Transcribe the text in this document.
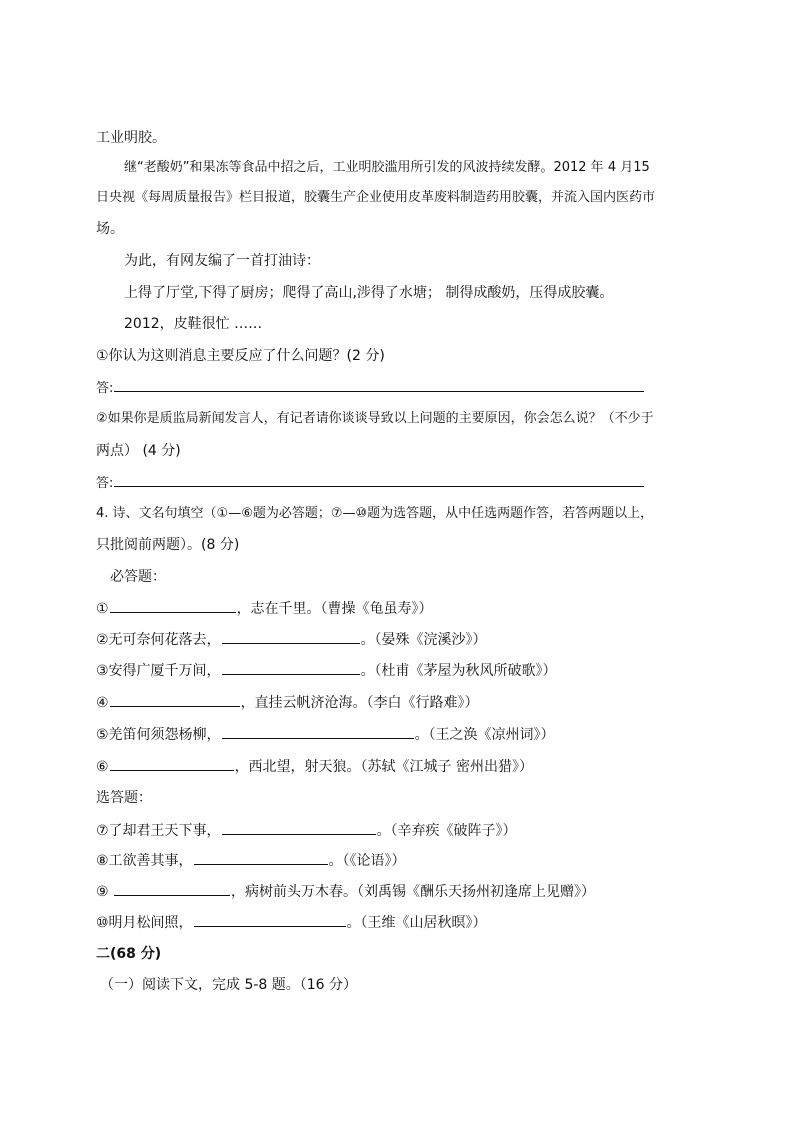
工业明胶。
继“老酸奶”和果冻等食品中招之后，工业明胶滥用所引发的风波持续发酵。2012 年 4 月15
日央视《每周质量报告》栏目报道，胶囊生产企业使用皮革废料制造药用胶囊，并流入国内医药市
场。
为此，有网友编了一首打油诗：
上得了厅堂,下得了厨房；爬得了高山,涉得了水塘； 制得成酸奶，压得成胶囊。
2012，皮鞋很忙 ……
①你认为这则消息主要反应了什么问题？(2 分)
答:
②如果你是质监局新闻发言人，有记者请你谈谈导致以上问题的主要原因，你会怎么说？（不少于
两点） (4 分)
答:
4. 诗、文名句填空（①—⑥题为必答题；⑦—⑩题为选答题，从中任选两题作答，若答两题以上，
只批阅前两题）。(8 分)
必答题：
①	，志在千里。（曹操《龟虽寿》）
②无可奈何花落去，	。（晏殊《浣溪沙》）
③安得广厦千万间，	。（杜甫《茅屋为秋风所破歌》）
④	，直挂云帆济沧海。（李白《行路难》）
⑤羌笛何须怨杨柳，	。（王之涣《凉州词》）
⑥	，西北望，射天狼。（苏轼《江城子 密州出猎》）
选答题：
⑦了却君王天下事，	。（辛弃疾《破阵子》）
⑧工欲善其事，	。（《论语》）
⑨	，病树前头万木春。（刘禹锡《酬乐天扬州初逢席上见赠》）
⑩明月松间照，	。（王维《山居秋暝》）
二(68 分)
（一）阅读下文，完成 5-8 题。（16 分）
